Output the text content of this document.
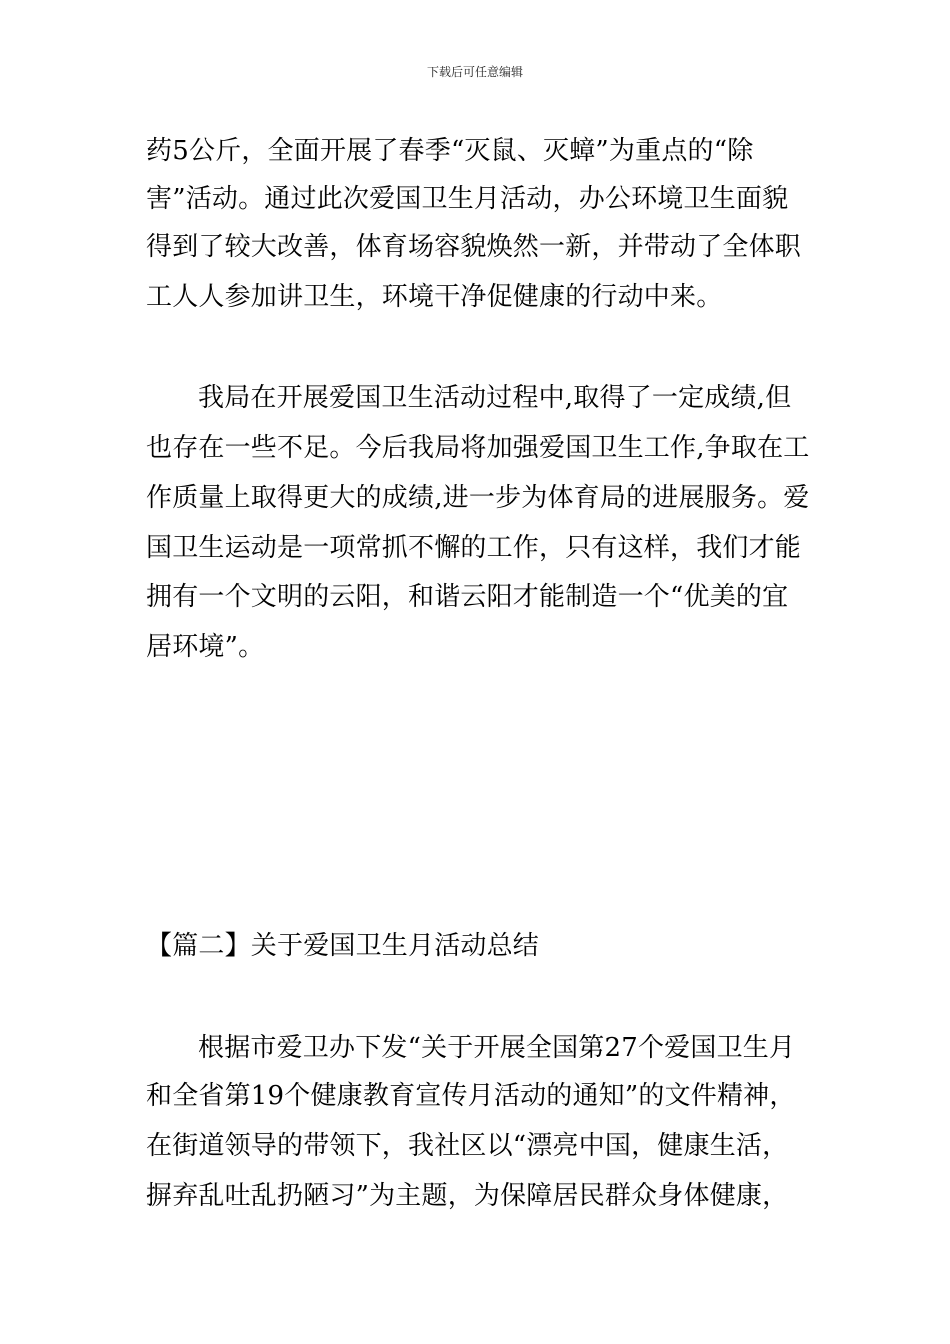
下载后可任意编辑
药5公斤，全面开展了春季“灭鼠、灭蟑”为重点的“除
害”活动。通过此次爱国卫生月活动，办公环境卫生面貌
得到了较大改善，体育场容貌焕然一新，并带动了全体职
工人人参加讲卫生，环境干净促健康的行动中来。
我局在开展爱国卫生活动过程中,取得了一定成绩,但
也存在一些不足。今后我局将加强爱国卫生工作,争取在工
作质量上取得更大的成绩,进一步为体育局的进展服务。爱
国卫生运动是一项常抓不懈的工作，只有这样，我们才能
拥有一个文明的云阳，和谐云阳才能制造一个“优美的宜
居环境”。
【篇二】关于爱国卫生月活动总结
根据市爱卫办下发“关于开展全国第27个爱国卫生月
和全省第19个健康教育宣传月活动的通知”的文件精神，
在街道领导的带领下，我社区以“漂亮中国，健康生活，
摒弃乱吐乱扔陋习”为主题，为保障居民群众身体健康，
